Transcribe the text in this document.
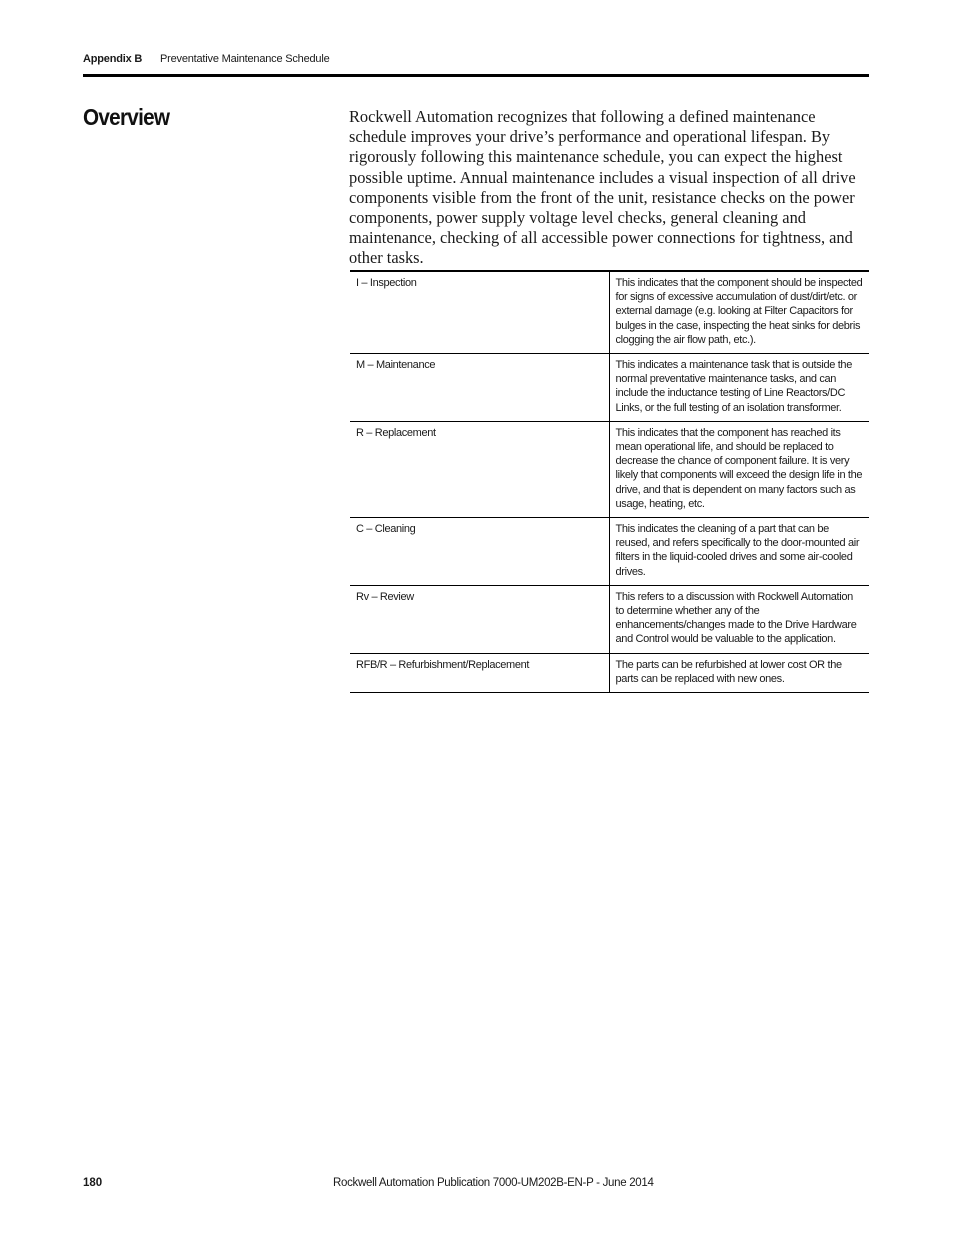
Appendix B Preventative Maintenance Schedule
Overview	Rockwell Automation recognizes that following a defined maintenance schedule improves your drive’s performance and operational lifespan. By rigorously following this maintenance schedule, you can expect the highest possible uptime. Annual maintenance includes a visual inspection of all drive components visible from the front of the unit, resistance checks on the power components, power supply voltage level checks, general cleaning and maintenance, checking of all accessible power connections for tightness, and other tasks.

I – Inspection	This indicates that the component should be inspected for signs of excessive accumulation of dust/dirt/etc. or external damage (e.g. looking at Filter Capacitors for bulges in the case, inspecting the heat sinks for debris clogging the air flow path, etc.).
M – Maintenance	This indicates a maintenance task that is outside the normal preventative maintenance tasks, and can include the inductance testing of Line Reactors/DC Links, or the full testing of an isolation transformer.
R – Replacement	This indicates that the component has reached its mean operational life, and should be replaced to decrease the chance of component failure. It is very likely that components will exceed the design life in the drive, and that is dependent on many factors such as usage, heating, etc.
C – Cleaning	This indicates the cleaning of a part that can be reused, and refers specifically to the door-mounted air filters in the liquid-cooled drives and some air-cooled drives.
Rv – Review	This refers to a discussion with Rockwell Automation to determine whether any of the enhancements/changes made to the Drive Hardware and Control would be valuable to the application.
RFB/R – Refurbishment/Replacement	The parts can be refurbished at lower cost OR the parts can be replaced with new ones.
180	Rockwell Automation Publication 7000-UM202B-EN-P - June 2014
